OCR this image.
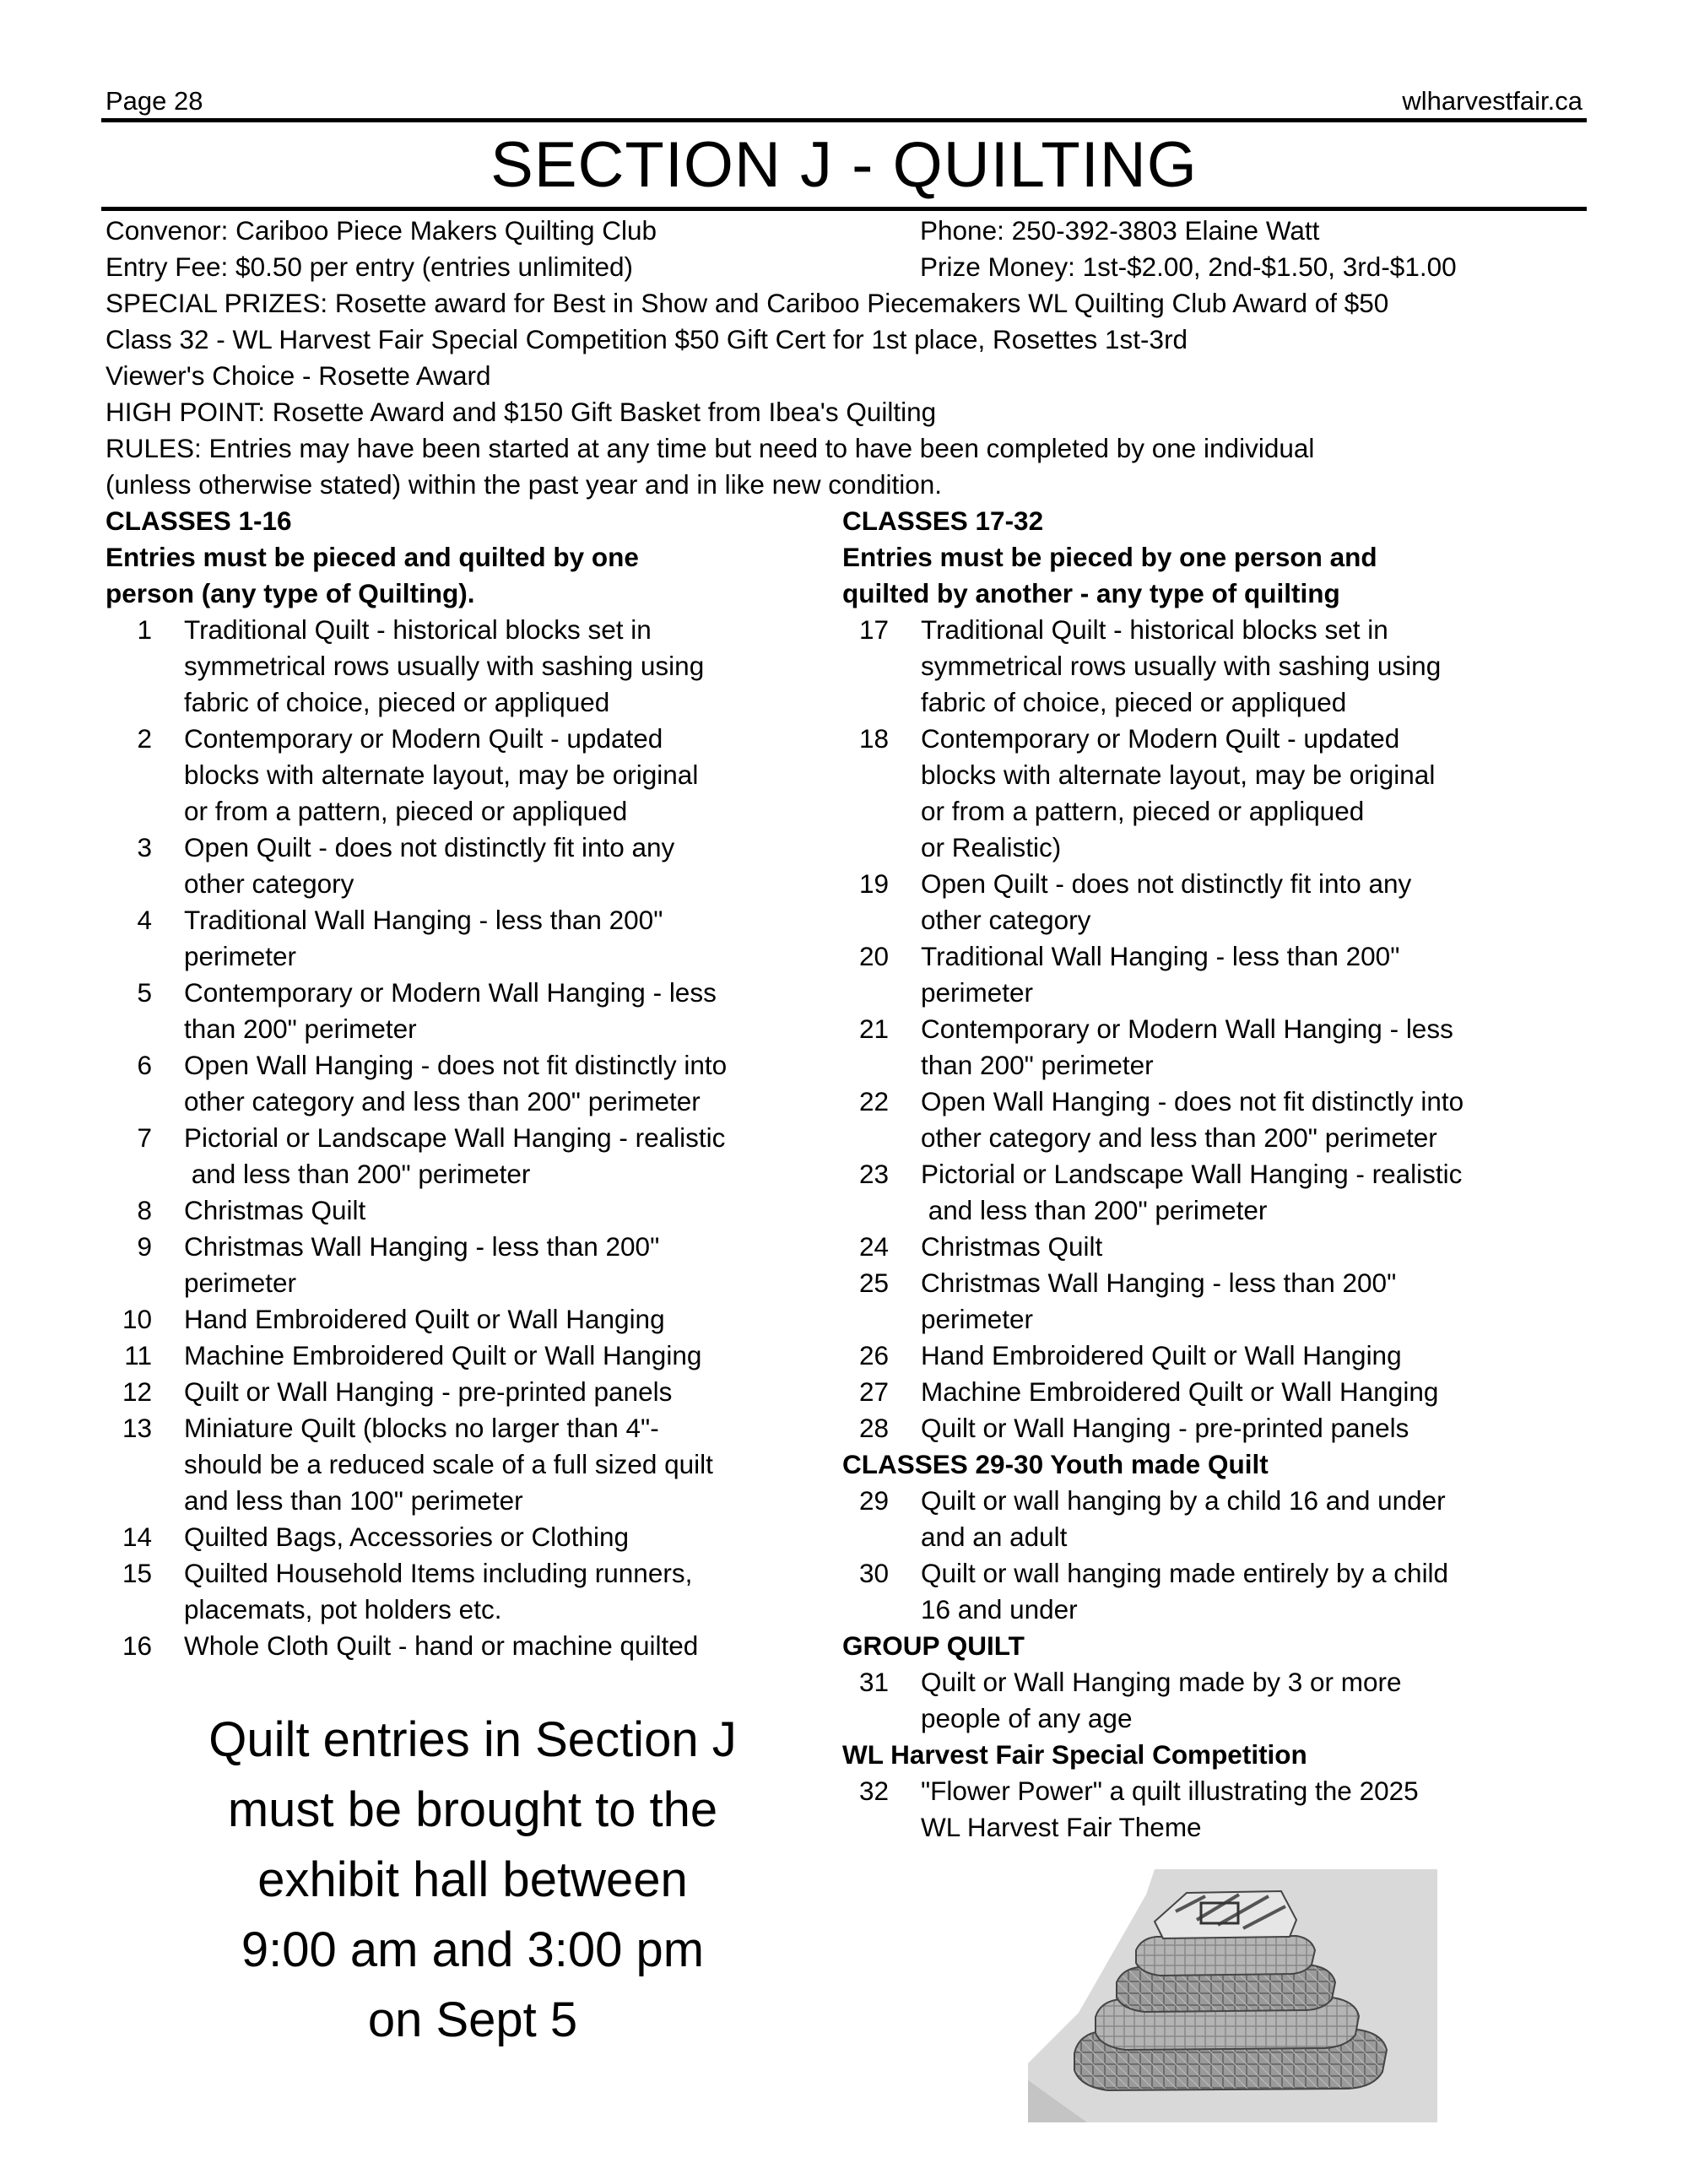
Page 28	wlharvestfair.ca
SECTION J - QUILTING
Convenor: Cariboo Piece Makers Quilting Club	Phone: 250-392-3803 Elaine Watt
Entry Fee: $0.50 per entry (entries unlimited)	Prize Money: 1st-$2.00, 2nd-$1.50, 3rd-$1.00
SPECIAL PRIZES: Rosette award for Best in Show and Cariboo Piecemakers WL Quilting Club Award of $50
Class 32 - WL Harvest Fair Special Competition $50 Gift Cert for 1st place, Rosettes 1st-3rd
Viewer's Choice - Rosette Award
HIGH POINT: Rosette Award and $150 Gift Basket from Ibea's Quilting
RULES: Entries may have been started at any time but need to have been completed by one individual
(unless otherwise stated) within the past year and in like new condition.
CLASSES 1-16
Entries must be pieced and quilted by one
person (any type of Quilting).
1 Traditional Quilt - historical blocks set in
symmetrical rows usually with sashing using
fabric of choice, pieced or appliqued
2 Contemporary or Modern Quilt - updated
blocks with alternate layout, may be original
or from a pattern, pieced or appliqued
3 Open Quilt - does not distinctly fit into any
other category
4 Traditional Wall Hanging - less than 200"
perimeter
5 Contemporary or Modern Wall Hanging - less
than 200" perimeter
6 Open Wall Hanging - does not fit distinctly into
other category and less than 200" perimeter
7 Pictorial or Landscape Wall Hanging - realistic
and less than 200" perimeter
8 Christmas Quilt
9 Christmas Wall Hanging - less than 200"
perimeter
10 Hand Embroidered Quilt or Wall Hanging
11 Machine Embroidered Quilt or Wall Hanging
12 Quilt or Wall Hanging - pre-printed panels
13 Miniature Quilt (blocks no larger than 4"-
should be a reduced scale of a full sized quilt
and less than 100" perimeter
14 Quilted Bags, Accessories or Clothing
15 Quilted Household Items including runners,
placemats, pot holders etc.
16 Whole Cloth Quilt - hand or machine quilted
CLASSES 17-32
Entries must be pieced by one person and
quilted by another - any type of quilting
17 Traditional Quilt - historical blocks set in
symmetrical rows usually with sashing using
fabric of choice, pieced or appliqued
18 Contemporary or Modern Quilt - updated
blocks with alternate layout, may be original
or from a pattern, pieced or appliqued
or Realistic)
19 Open Quilt - does not distinctly fit into any
other category
20 Traditional Wall Hanging - less than 200"
perimeter
21 Contemporary or Modern Wall Hanging - less
than 200" perimeter
22 Open Wall Hanging - does not fit distinctly into
other category and less than 200" perimeter
23 Pictorial or Landscape Wall Hanging - realistic
and less than 200" perimeter
24 Christmas Quilt
25 Christmas Wall Hanging - less than 200"
perimeter
26 Hand Embroidered Quilt or Wall Hanging
27 Machine Embroidered Quilt or Wall Hanging
28 Quilt or Wall Hanging - pre-printed panels
CLASSES 29-30 Youth made Quilt
29 Quilt or wall hanging by a child 16 and under
and an adult
30 Quilt or wall hanging made entirely by a child
16 and under
GROUP QUILT
31 Quilt or Wall Hanging made by 3 or more
people of any age
WL Harvest Fair Special Competition
32 "Flower Power" a quilt illustrating the 2025
WL Harvest Fair Theme
Quilt entries in Section J
must be brought to the
exhibit hall between
9:00 am and 3:00 pm
on Sept 5
